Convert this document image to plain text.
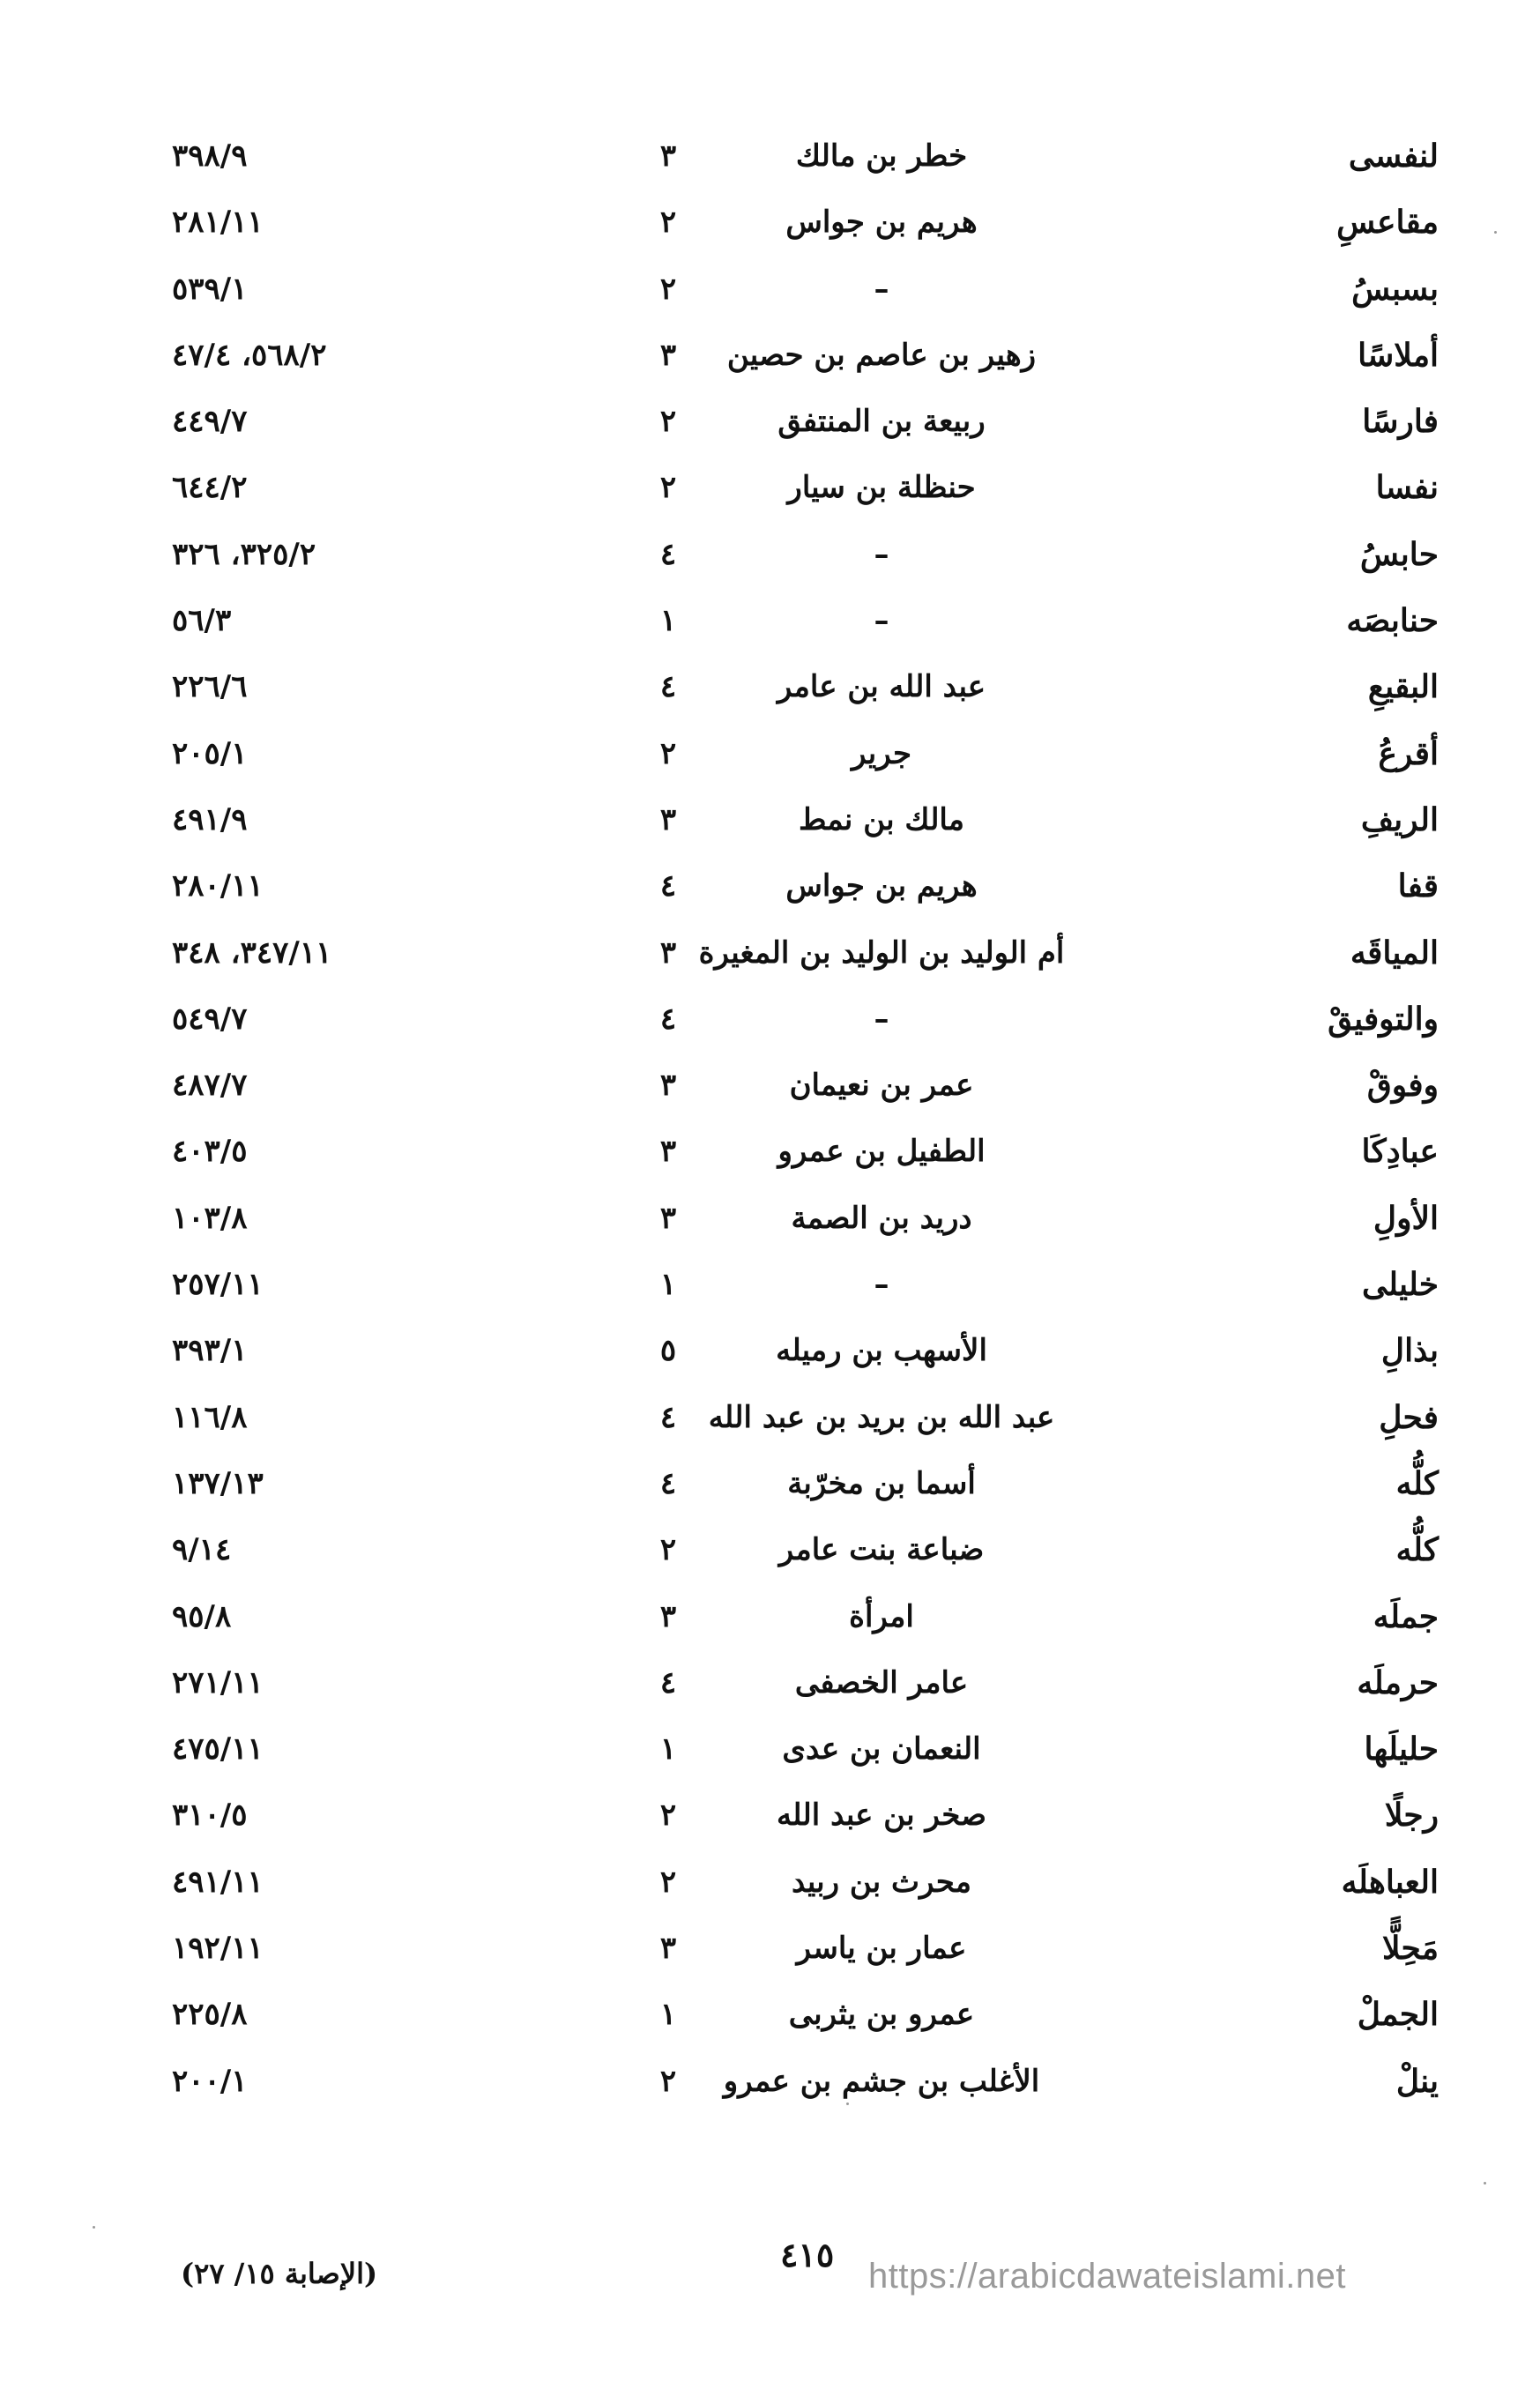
لنفسى
خطر بن مالك
٣
٣٩٨/٩
مقاعسِ
هريم بن جواس
٢
٢٨١/١١
بسبسُ
–
٢
٥٣٩/١
أملاسًا
زهير بن عاصم بن حصين
٣
٥٦٨/٢، ٤٧/٤
فارسًا
ربيعة بن المنتفق
٢
٤٤٩/٧
نفسا
حنظلة بن سيار
٢
٦٤٤/٢
حابسُ
–
٤
٣٢٥/٢، ٣٢٦
حنابصَه
–
١
٥٦/٣
البقيعِ
عبد الله بن عامر
٤
٢٢٦/٦
أقرعُ
جرير
٢
٢٠٥/١
الريفِ
مالك بن نمط
٣
٤٩١/٩
قفا
هريم بن جواس
٤
٢٨٠/١١
المياقَه
أم الوليد بن الوليد بن المغيرة
٣
٣٤٧/١١، ٣٤٨
والتوفيقْ
–
٤
٥٤٩/٧
وفوقْ
عمر بن نعيمان
٣
٤٨٧/٧
عبادِكَا
الطفيل بن عمرو
٣
٤٠٣/٥
الأولِ
دريد بن الصمة
٣
١٠٣/٨
خليلى
–
١
٢٥٧/١١
بذالِ
الأسهب بن رميله
٥
٣٩٣/١
فحلِ
عبد الله بن بريد بن عبد الله
٤
١١٦/٨
كلُّه
أسما بن مخرّبة
٤
١٣٧/١٣
كلُّه
ضباعة بنت عامر
٢
٩/١٤
جملَه
امرأة
٣
٩٥/٨
حرملَه
عامر الخصفى
٤
٢٧١/١١
حليلَها
النعمان بن عدى
١
٤٧٥/١١
رجلًا
صخر بن عبد الله
٢
٣١٠/٥
العباهلَه
محرث بن ربيد
٢
٤٩١/١١
مَحِلًّا
عمار بن ياسر
٣
١٩٢/١١
الجملْ
عمرو بن يثربى
١
٢٢٥/٨
ينلْ
الأغلب بن جشم بن عمرو
٢
٢٠٠/١
٤١٥
https://arabicdawateislami.net
(الإصابة ١٥/ ٢٧)
